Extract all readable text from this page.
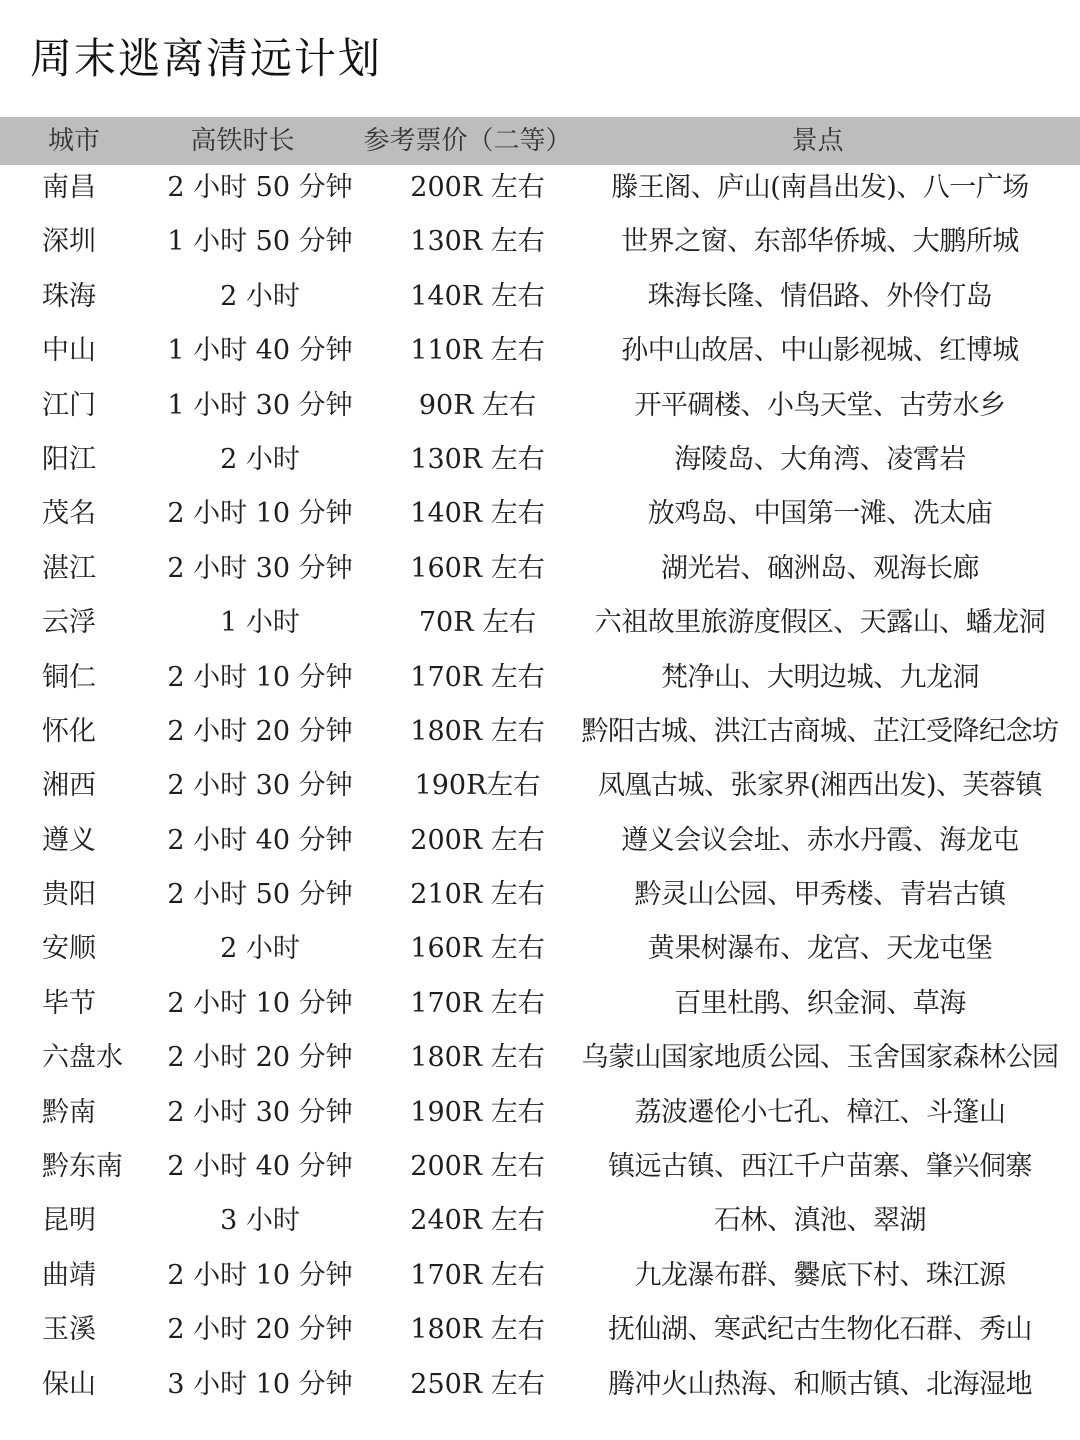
周末逃离清远计划
城市	高铁时长	参考票价（二等）	景点
南昌	2 小时 50 分钟	200R 左右	滕王阁、庐山(南昌出发)、八一广场
深圳	1 小时 50 分钟	130R 左右	世界之窗、东部华侨城、大鹏所城
珠海	2 小时	140R 左右	珠海长隆、情侣路、外伶仃岛
中山	1 小时 40 分钟	110R 左右	孙中山故居、中山影视城、红博城
江门	1 小时 30 分钟	90R 左右	开平碉楼、小鸟天堂、古劳水乡
阳江	2 小时	130R 左右	海陵岛、大角湾、凌霄岩
茂名	2 小时 10 分钟	140R 左右	放鸡岛、中国第一滩、冼太庙
湛江	2 小时 30 分钟	160R 左右	湖光岩、硇洲岛、观海长廊
云浮	1 小时	70R 左右	六祖故里旅游度假区、天露山、蟠龙洞
铜仁	2 小时 10 分钟	170R 左右	梵净山、大明边城、九龙洞
怀化	2 小时 20 分钟	180R 左右	黔阳古城、洪江古商城、芷江受降纪念坊
湘西	2 小时 30 分钟	190R左右	凤凰古城、张家界(湘西出发)、芙蓉镇
遵义	2 小时 40 分钟	200R 左右	遵义会议会址、赤水丹霞、海龙屯
贵阳	2 小时 50 分钟	210R 左右	黔灵山公园、甲秀楼、青岩古镇
安顺	2 小时	160R 左右	黄果树瀑布、龙宫、天龙屯堡
毕节	2 小时 10 分钟	170R 左右	百里杜鹃、织金洞、草海
六盘水 2 小时 20 分钟	180R 左右	乌蒙山国家地质公园、玉舍国家森林公园
黔南	2 小时 30 分钟	190R 左右	荔波遷伦小七孔、樟江、斗篷山
黔东南 2 小时 40 分钟	200R 左右	镇远古镇、西江千户苗寨、肇兴侗寨
昆明	3 小时	240R 左右	石林、滇池、翠湖
曲靖	2 小时 10 分钟	170R 左右	九龙瀑布群、爨底下村、珠江源
玉溪	2 小时 20 分钟	180R 左右	抚仙湖、寒武纪古生物化石群、秀山
保山	3 小时 10 分钟	250R 左右	腾冲火山热海、和顺古镇、北海湿地
